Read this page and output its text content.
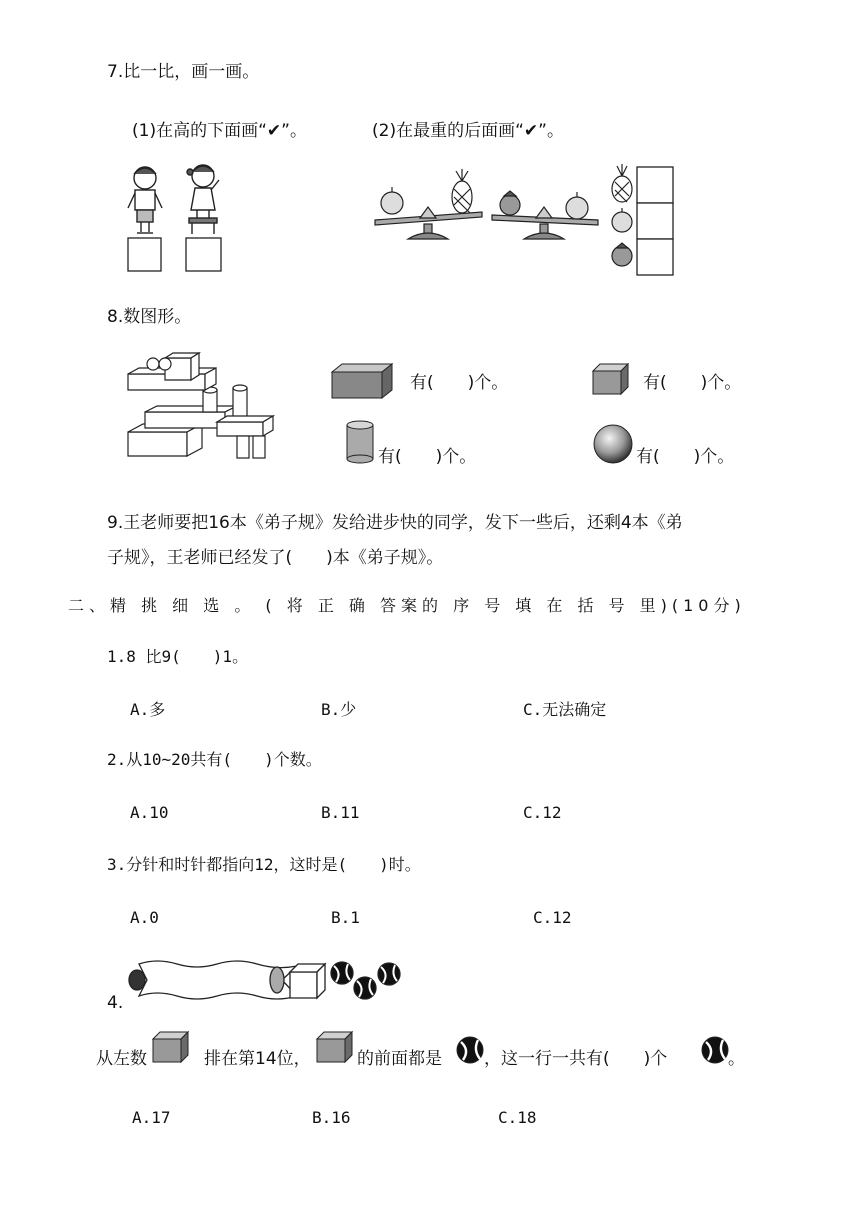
7.比一比，画一画。
(1)在高的下面画“✔”。	(2)在最重的后面画“✔”。
8.数图形。
有(　　)个。	有(　　)个。
有(　　)个。	有(　　)个。
9.王老师要把16本《弟子规》发给进步快的同学，发下一些后，还剩4本《弟
子规》，王老师已经发了(　　)本《弟子规》。
二、精 挑 细 选 。 ( 将 正 确 答案的 序 号 填 在 括 号 里)(10分)
1.8 比9(　　)1。
A.多	B.少	C.无法确定
2.从10~20共有(　　)个数。
A.10	B.11	C.12
3.分针和时针都指向12，这时是(　　)时。
A.0	B.1	C.12
4.
从左数	排在第14位，	的前面都是 ，这一行一共有(　　)个	。
A.17	B.16	C.18
